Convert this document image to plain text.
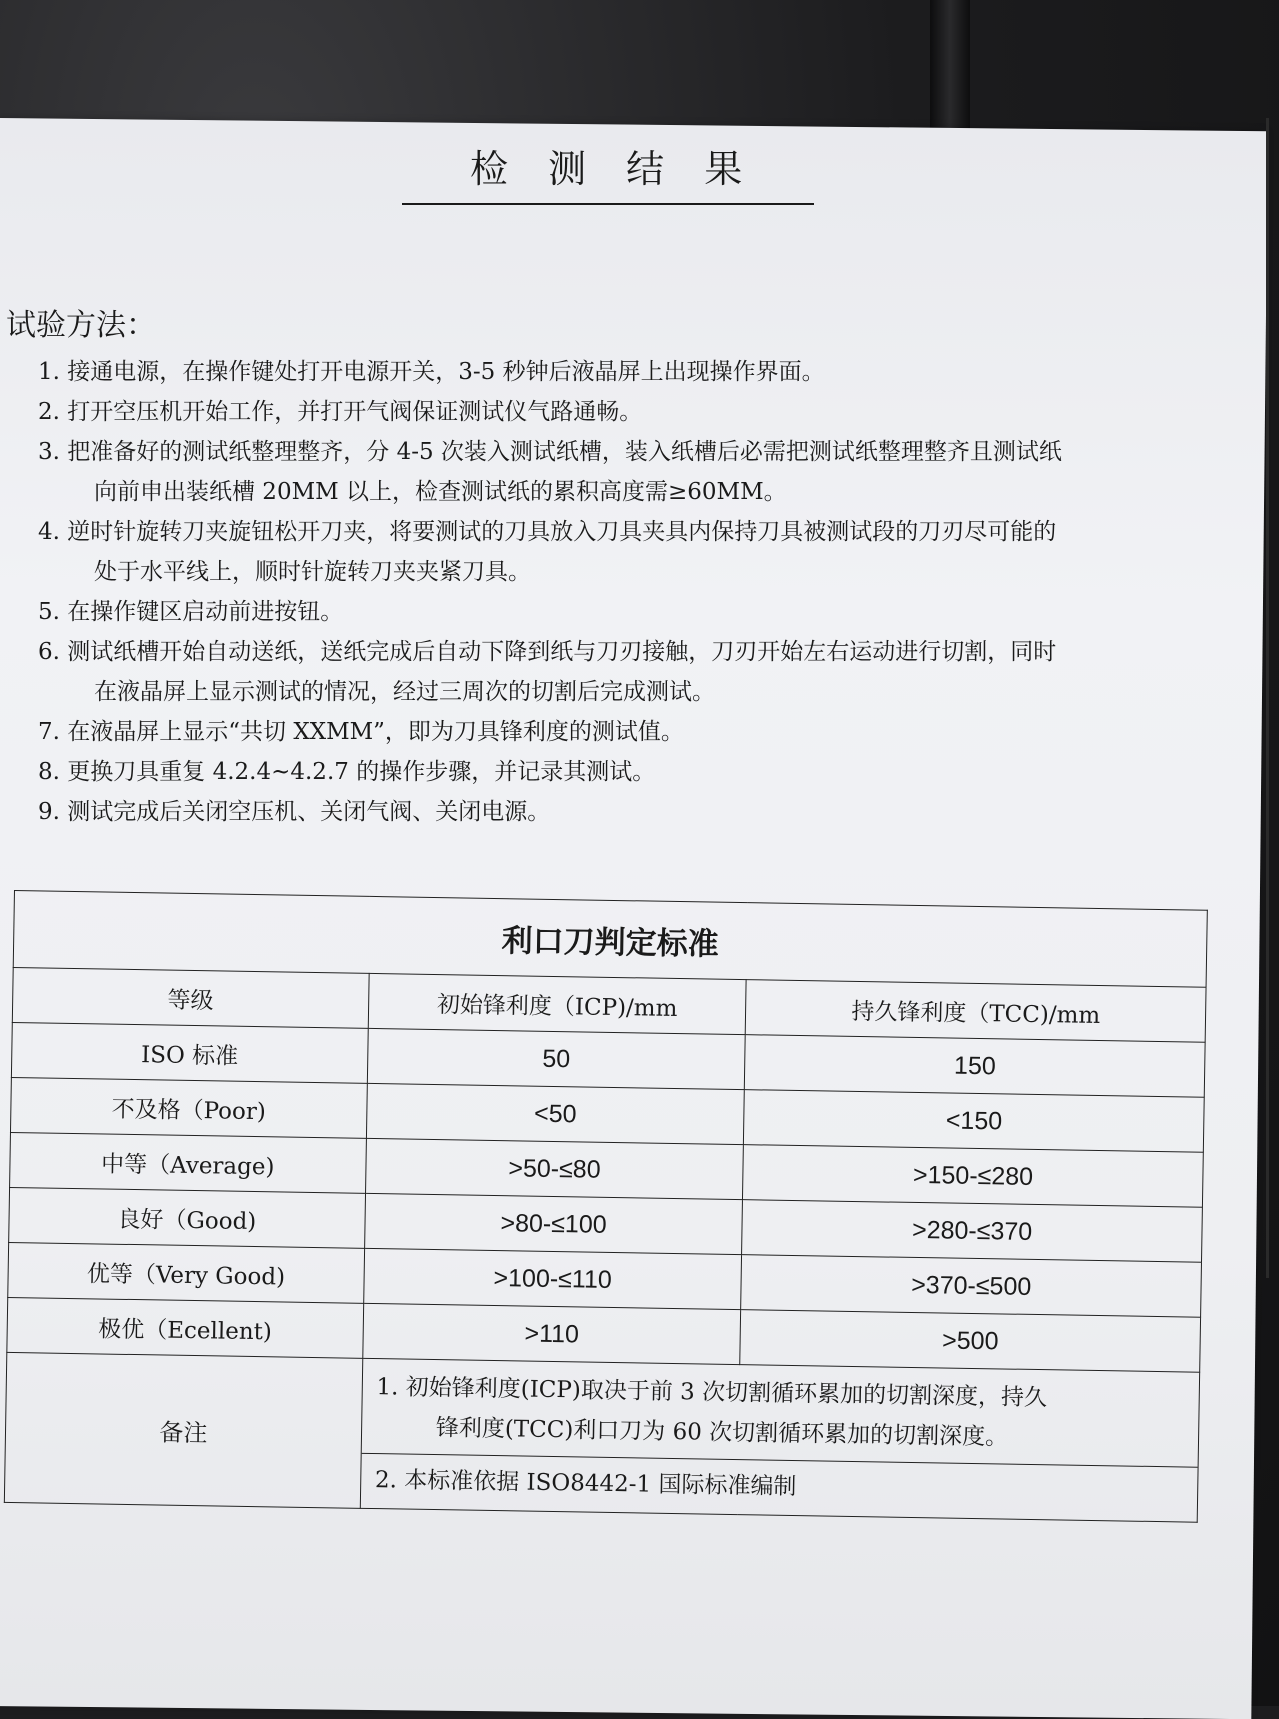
检 测 结 果
试验方法：
1. 接通电源，在操作键处打开电源开关，3-5 秒钟后液晶屏上出现操作界面。
2. 打开空压机开始工作，并打开气阀保证测试仪气路通畅。
3. 把准备好的测试纸整理整齐，分 4-5 次装入测试纸槽，装入纸槽后必需把测试纸整理整齐且测试纸
向前申出装纸槽 20MM 以上，检查测试纸的累积高度需≥60MM。
4. 逆时针旋转刀夹旋钮松开刀夹，将要测试的刀具放入刀具夹具内保持刀具被测试段的刀刃尽可能的
处于水平线上，顺时针旋转刀夹夹紧刀具。
5. 在操作键区启动前进按钮。
6. 测试纸槽开始自动送纸，送纸完成后自动下降到纸与刀刃接触，刀刃开始左右运动进行切割，同时
在液晶屏上显示测试的情况，经过三周次的切割后完成测试。
7. 在液晶屏上显示“共切 XXMM”，即为刀具锋利度的测试值。
8. 更换刀具重复 4.2.4~4.2.7 的操作步骤，并记录其测试。
9. 测试完成后关闭空压机、关闭气阀、关闭电源。
利口刀判定标准		
等级	初始锋利度（ICP)/mm	持久锋利度（TCC)/mm
ISO 标准	50	150
不及格（Poor)	<50	<150
中等（Average)	>50-≤80	>150-≤280
良好（Good)	>80-≤100	>280-≤370
优等（Very Good)	>100-≤110	>370-≤500
极优（Ecellent)	>110	>500
备注	1. 初始锋利度(ICP)取决于前 3 次切割循环累加的切割深度，持久
锋利度(TCC)利口刀为 60 次切割循环累加的切割深度。
2. 本标准依据 ISO8442-1 国际标准编制	
